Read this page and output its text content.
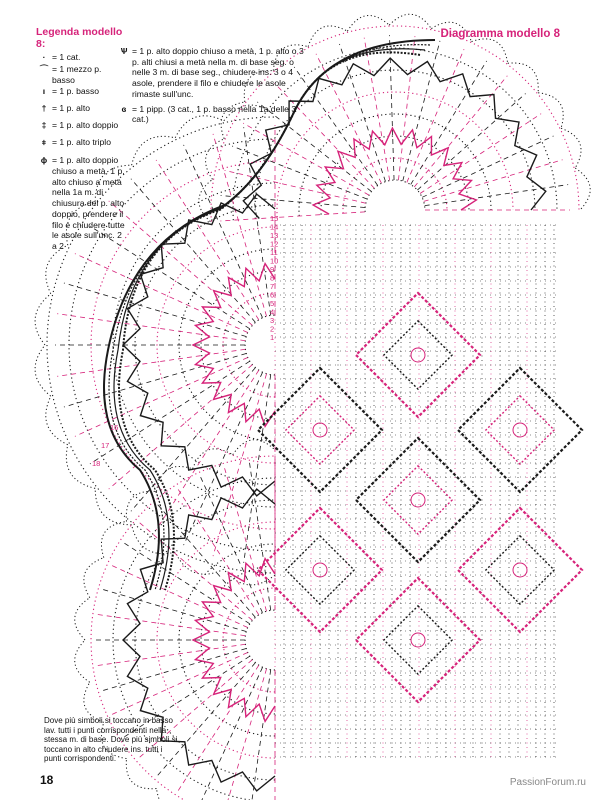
1
2
3
4
5
6
7
8
9
10
11
12
13
14
15
16
17
18
Legenda modello 8:
· = 1 cat.
⌒ = 1 mezzo p. basso
ı = 1 p. basso
† = 1 p. alto
‡ = 1 p. alto doppio
⧧ = 1 p. alto triplo
ϕ = 1 p. alto doppio chiuso a metà, 1 p. alto chiuso a metà nella 1a m. di chiusura del p. alto doppio, prendere il filo e chiudere tutte le asole sull'unc. 2 a 2
Ѱ = 1 p. alto doppio chiuso a metà, 1 p. alto o 3 p. alti chiusi a metà nella m. di base seg. o nelle 3 m. di base seg., chiudere ins. 3 o 4 asole, prendere il filo e chiudere le asole rimaste sull'unc.
ɞ = 1 pipp. (3 cat., 1 p. basso nella 1a delle 3 cat.)
Diagramma modello 8
Dove più simboli si toccano in basso lav. tutti i punti corrispondenti nella stessa m. di base. Dove più simboli si toccano in alto chiudere ins. tutti i punti corrispondenti.
18	PassionForum.ru
